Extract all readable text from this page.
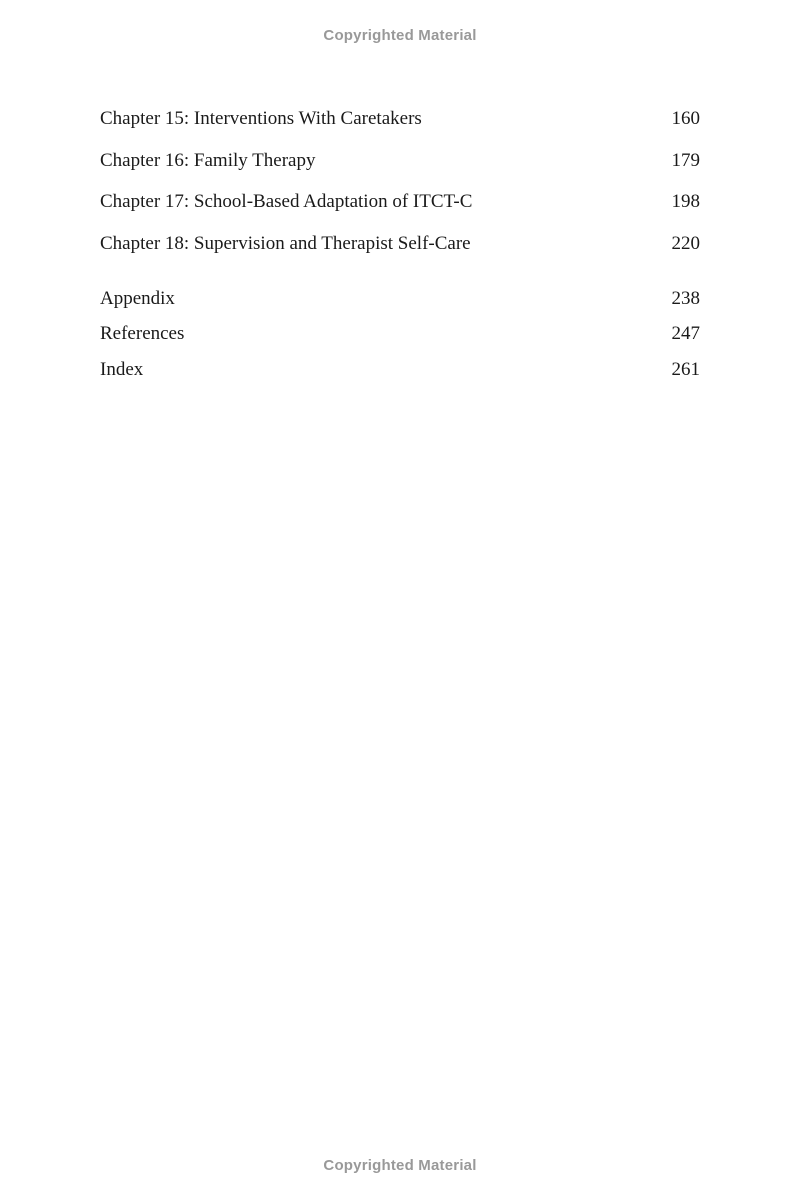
Copyrighted Material
Chapter 15: Interventions With Caretakers	160
Chapter 16: Family Therapy	179
Chapter 17: School-Based Adaptation of ITCT-C	198
Chapter 18: Supervision and Therapist Self-Care	220
Appendix	238
References	247
Index	261
Copyrighted Material
